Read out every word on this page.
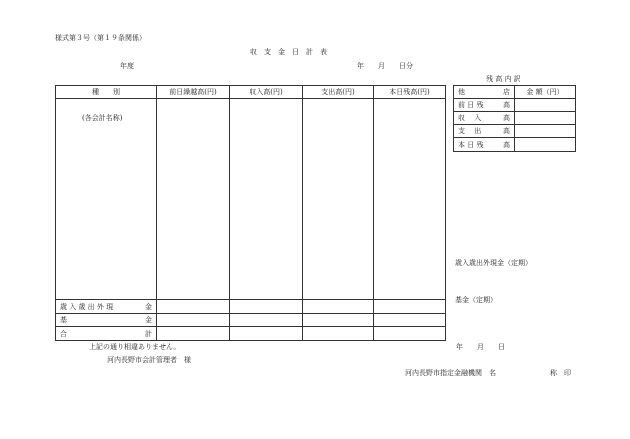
様式第３号（第１９条関係）
収　支　金　日　計　表
年度	年　　月　　日分
種　　別	前日繰越高(円)	収入高(円)	支出高(円)	本日残高(円)
(各会計名称)
歳 入 歳 出 外 現	金
基	金
合	計
残 高 内 訳
他	店	金 額（円）
前 日 残	高
収　 入	高
支　 出	高
本 日 残	高
歳入歳出外現金（定期）
基金（定期）
上記の通り相違ありません。
河内長野市会計管理者　様
年　　月　　日
河内長野市指定金融機関　名	称　印
